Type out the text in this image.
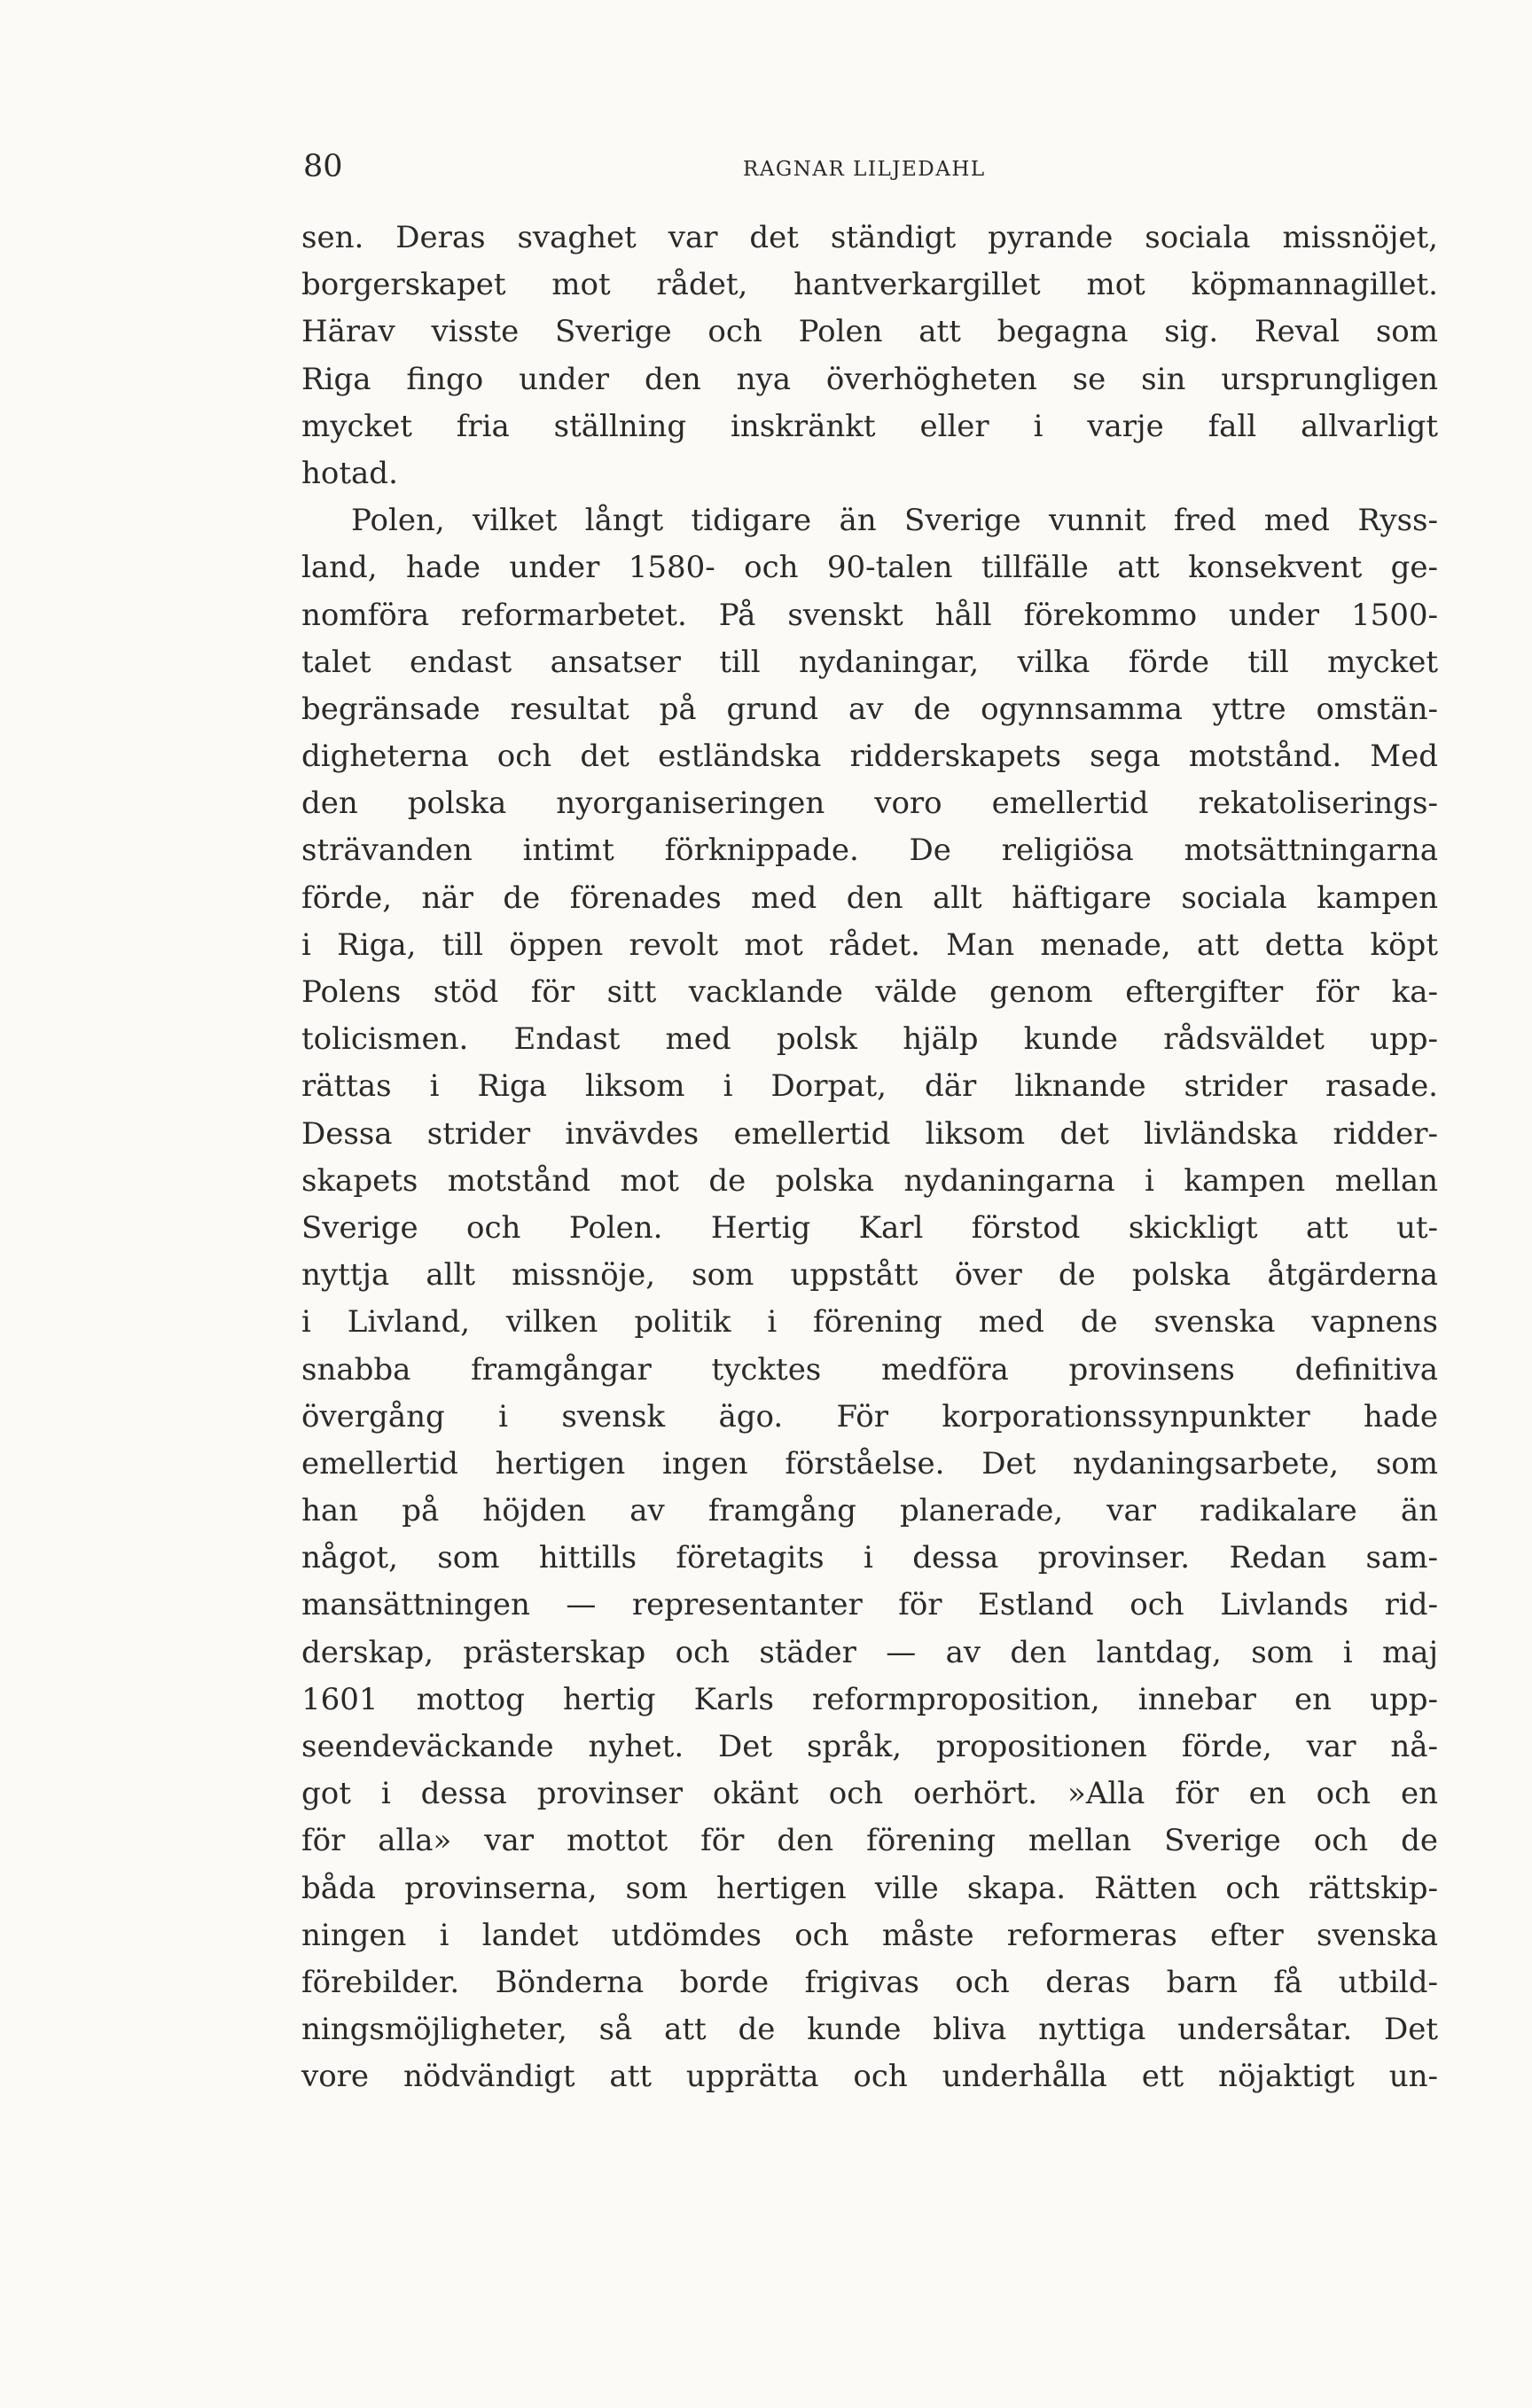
80	RAGNAR LILJEDAHL
sen. Deras svaghet var det ständigt pyrande sociala missnöjet,
borgerskapet mot rådet, hantverkargillet mot köpmannagillet.
Härav visste Sverige och Polen att begagna sig. Reval som
Riga fingo under den nya överhögheten se sin ursprungligen
mycket fria ställning inskränkt eller i varje fall allvarligt
hotad.
Polen, vilket långt tidigare än Sverige vunnit fred med Ryss-
land, hade under 1580- och 90-talen tillfälle att konsekvent ge-
nomföra reformarbetet. På svenskt håll förekommo under 1500-
talet endast ansatser till nydaningar, vilka förde till mycket
begränsade resultat på grund av de ogynnsamma yttre omstän-
digheterna och det estländska ridderskapets sega motstånd. Med
den polska nyorganiseringen voro emellertid rekatoliserings-
strävanden intimt förknippade. De religiösa motsättningarna
förde, när de förenades med den allt häftigare sociala kampen
i Riga, till öppen revolt mot rådet. Man menade, att detta köpt
Polens stöd för sitt vacklande välde genom eftergifter för ka-
tolicismen. Endast med polsk hjälp kunde rådsväldet upp-
rättas i Riga liksom i Dorpat, där liknande strider rasade.
Dessa strider invävdes emellertid liksom det livländska ridder-
skapets motstånd mot de polska nydaningarna i kampen mellan
Sverige och Polen. Hertig Karl förstod skickligt att ut-
nyttja allt missnöje, som uppstått över de polska åtgärderna
i Livland, vilken politik i förening med de svenska vapnens
snabba framgångar tycktes medföra provinsens definitiva
övergång i svensk ägo. För korporationssynpunkter hade
emellertid hertigen ingen förståelse. Det nydaningsarbete, som
han på höjden av framgång planerade, var radikalare än
något, som hittills företagits i dessa provinser. Redan sam-
mansättningen — representanter för Estland och Livlands rid-
derskap, prästerskap och städer — av den lantdag, som i maj
1601 mottog hertig Karls reformproposition, innebar en upp-
seendeväckande nyhet. Det språk, propositionen förde, var nå-
got i dessa provinser okänt och oerhört. »Alla för en och en
för alla» var mottot för den förening mellan Sverige och de
båda provinserna, som hertigen ville skapa. Rätten och rättskip-
ningen i landet utdömdes och måste reformeras efter svenska
förebilder. Bönderna borde frigivas och deras barn få utbild-
ningsmöjligheter, så att de kunde bliva nyttiga undersåtar. Det
vore nödvändigt att upprätta och underhålla ett nöjaktigt un-
